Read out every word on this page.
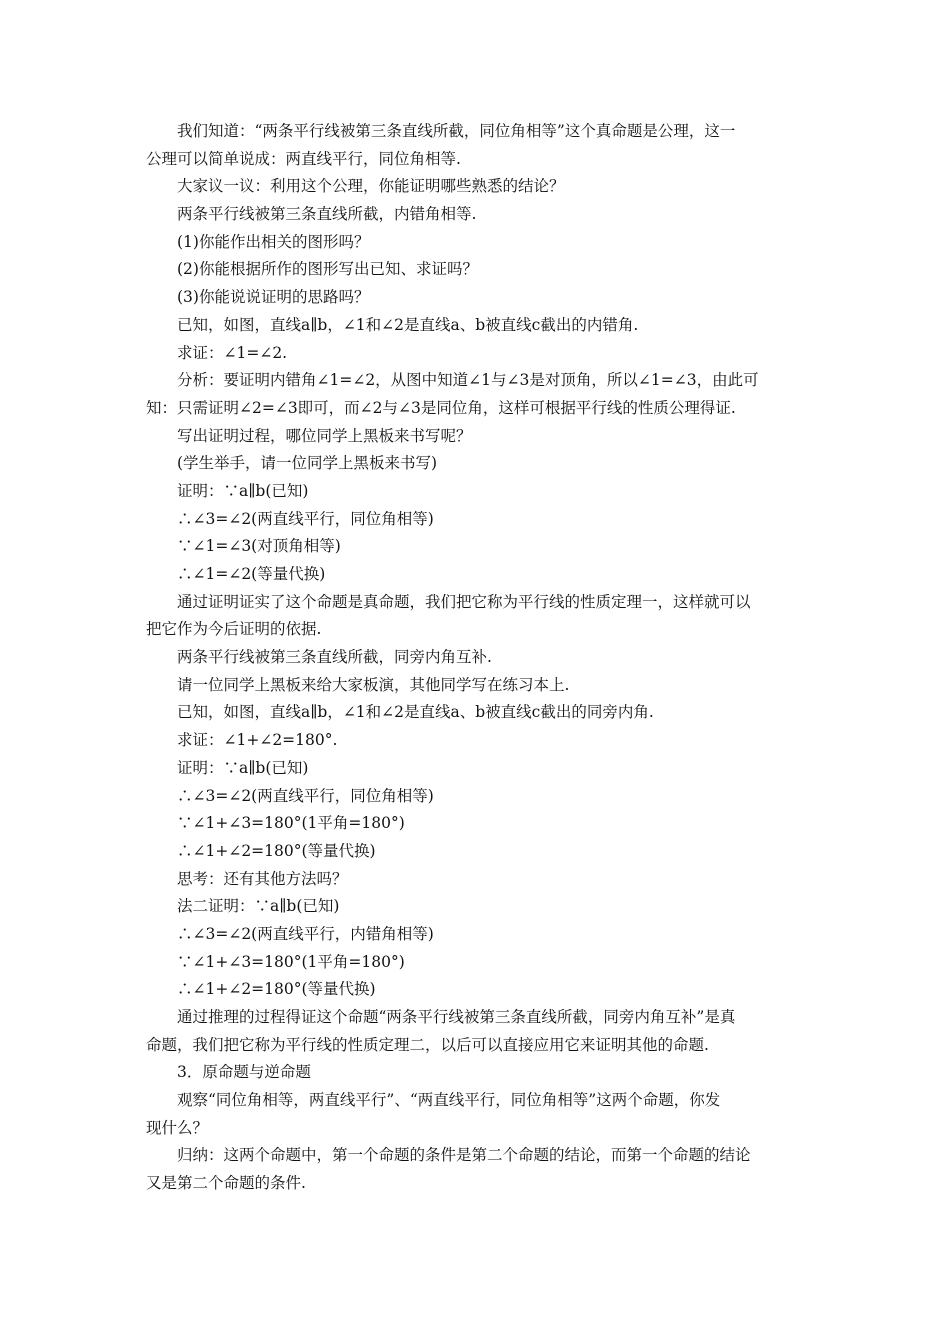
我们知道：“两条平行线被第三条直线所截，同位角相等”这个真命题是公理，这一
公理可以简单说成：两直线平行，同位角相等.
大家议一议：利用这个公理，你能证明哪些熟悉的结论？
两条平行线被第三条直线所截，内错角相等.
(1)你能作出相关的图形吗？
(2)你能根据所作的图形写出已知、求证吗？
(3)你能说说证明的思路吗？
已知，如图，直线a∥b，∠1和∠2是直线a、b被直线c截出的内错角.
求证：∠1=∠2.
分析：要证明内错角∠1=∠2，从图中知道∠1与∠3是对顶角，所以∠1=∠3，由此可
知：只需证明∠2=∠3即可，而∠2与∠3是同位角，这样可根据平行线的性质公理得证.
写出证明过程，哪位同学上黑板来书写呢？
(学生举手，请一位同学上黑板来书写)
证明：∵a∥b(已知)
∴∠3=∠2(两直线平行，同位角相等)
∵∠1=∠3(对顶角相等)
∴∠1=∠2(等量代换)
通过证明证实了这个命题是真命题，我们把它称为平行线的性质定理一，这样就可以
把它作为今后证明的依据.
两条平行线被第三条直线所截，同旁内角互补.
请一位同学上黑板来给大家板演，其他同学写在练习本上.
已知，如图，直线a∥b，∠1和∠2是直线a、b被直线c截出的同旁内角.
求证：∠1+∠2=180°.
证明：∵a∥b(已知)
∴∠3=∠2(两直线平行，同位角相等)
∵∠1+∠3=180°(1平角=180°)
∴∠1+∠2=180°(等量代换)
思考：还有其他方法吗？
法二证明：∵a∥b(已知)
∴∠3=∠2(两直线平行，内错角相等)
∵∠1+∠3=180°(1平角=180°)
∴∠1+∠2=180°(等量代换)
通过推理的过程得证这个命题“两条平行线被第三条直线所截，同旁内角互补”是真
命题，我们把它称为平行线的性质定理二，以后可以直接应用它来证明其他的命题.
3．原命题与逆命题
观察“同位角相等，两直线平行”、“两直线平行，同位角相等”这两个命题，你发
现什么？
归纳：这两个命题中，第一个命题的条件是第二个命题的结论，而第一个命题的结论
又是第二个命题的条件.
